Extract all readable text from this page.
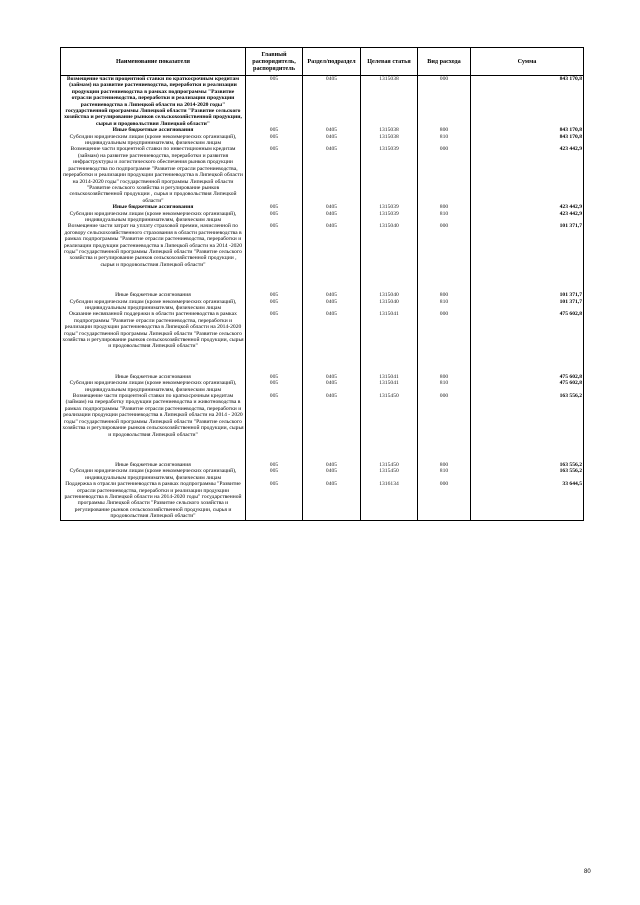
Наименование показателя	Главный распорядитель, распорядитель	Раздел/подраздел	Целевая статья	Вид расхода	Сумма
Возмещение части процентной ставки по краткосрочным кредитам (займам) на развитие растениеводства, переработки и реализации продукции растениеводства в рамках подпрограммы "Развитие отрасли растениеводства, переработки и реализации продукции растениеводства в Липецкой области на 2014-2020 годы" государственной программы Липецкой области "Развитие сельского хозяйства и регулирование рынков сельскохозяйственной продукции, сырья и продовольствия Липецкой области"	005	0405	1315038	000	843 170,8
Иные бюджетные ассигнования	005	0405	1315038	800	843 170,8
Субсидии юридическим лицам (кроме некоммерческих организаций), индивидуальным предпринимателям, физическим лицам	005	0405	1315038	810	843 170,8
Возмещение части процентной ставки по инвестиционным кредитам (займам) на развитие растениеводства, переработки и развития инфраструктуры и логистического обеспечения рынков продукции растениеводства по подпрограмме "Развитие отрасли растениеводства, переработки и реализации продукции растениеводства в Липецкой области на 2014-2020 годы" государственной программы Липецкой области "Развитие сельского хозяйства и регулирование рынков сельскохозяйственной продукции , сырья и продовольствия Липецкой области"	005	0405	1315039	000	423 442,9
Иные бюджетные ассигнования	005	0405	1315039	800	423 442,9
Субсидии юридическим лицам (кроме некоммерческих организаций), индивидуальным предпринимателям, физическим лицам	005	0405	1315039	810	423 442,9
Возмещение части затрат на уплату страховой премии, начисленной по договору сельскохозяйственного страхования в области растениеводства в рамках подпрограммы "Развитие отрасли растениеводства, переработки и реализации продукции растениеводства в Липецкой области на 2014 -2020 годы" государственной программы Липецкой области "Развитие сельского хозяйства и регулирование рынков сельскохозяйственной продукции , сырья и продовольствия Липецкой области"	005	0405	1315040	000	101 371,7

Иные бюджетные ассигнования	005	0405	1315040	800	101 371,7
Субсидии юридическим лицам (кроме некоммерческих организаций), индивидуальным предпринимателям, физическим лицам	005	0405	1315040	810	101 371,7
Оказание несвязанной поддержки в области растениеводства в рамках подпрограммы "Развитие отрасли растениеводства, переработки и реализации продукции растениеводства в Липецкой области на 2014-2020 годы" государственной программы Липецкой области "Развитие сельского хозяйства и регулирование рынков сельскохозяйственной продукции, сырья и продовольствия Липецкой области"	005	0405	1315041	000	475 602,8

Иные бюджетные ассигнования	005	0405	1315041	800	475 602,8
Субсидии юридическим лицам (кроме некоммерческих организаций), индивидуальным предпринимателям, физическим лицам	005	0405	1315041	810	475 602,8
Возмещение части процентной ставки по краткосрочным кредитам (займам) на переработку продукции растениеводства и животноводства в рамках подпрограммы "Развитие отрасли растениеводства, переработки и реализации продукции растениеводства в Липецкой области на 2014 - 2020 годы" государственной программы Липецкой области "Развитие сельского хозяйства и регулирование рынков сельскохозяйственной продукции, сырья и продовольствия Липецкой области"	005	0405	1315450	000	163 556,2

Иные бюджетные ассигнования	005	0405	1315450	800	163 556,2
Субсидии юридическим лицам (кроме некоммерческих организаций), индивидуальным предпринимателям, физическим лицам	005	0405	1315450	810	163 556,2
Поддержка в отрасли растениеводства в рамках подпрограммы "Развитие отрасли растениеводства, переработки и реализации продукции растениеводства в Липецкой области на 2014-2020 годы" государственной программы Липецкой области "Развитие сельского хозяйства и регулирование рынков сельскохозяйственной продукции, сырья и продовольствия Липецкой области"	005	0405	1316134	000	33 644,5
80
